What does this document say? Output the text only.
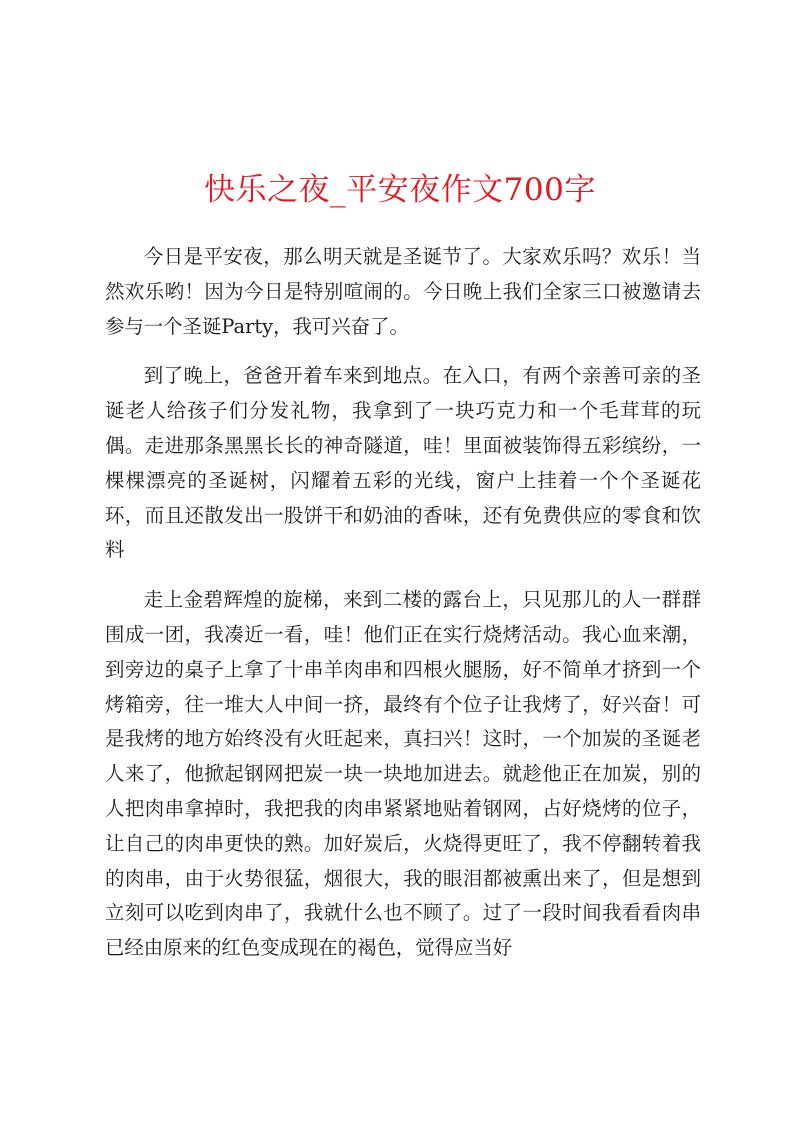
快乐之夜_平安夜作文700字

今日是平安夜，那么明天就是圣诞节了。大家欢乐吗？欢乐！当然欢乐哟！因为今日是特别喧闹的。今日晚上我们全家三口被邀请去参与一个圣诞Party，我可兴奋了。

到了晚上，爸爸开着车来到地点。在入口，有两个亲善可亲的圣诞老人给孩子们分发礼物，我拿到了一块巧克力和一个毛茸茸的玩偶。走进那条黑黑长长的神奇隧道，哇！里面被装饰得五彩缤纷，一棵棵漂亮的圣诞树，闪耀着五彩的光线，窗户上挂着一个个圣诞花环，而且还散发出一股饼干和奶油的香味，还有免费供应的零食和饮料

走上金碧辉煌的旋梯，来到二楼的露台上，只见那儿的人一群群围成一团，我凑近一看，哇！他们正在实行烧烤活动。我心血来潮，到旁边的桌子上拿了十串羊肉串和四根火腿肠，好不简单才挤到一个烤箱旁，往一堆大人中间一挤，最终有个位子让我烤了，好兴奋！可是我烤的地方始终没有火旺起来，真扫兴！这时，一个加炭的圣诞老人来了，他掀起钢网把炭一块一块地加进去。就趁他正在加炭，别的人把肉串拿掉时，我把我的肉串紧紧地贴着钢网，占好烧烤的位子，让自己的肉串更快的熟。加好炭后，火烧得更旺了，我不停翻转着我的肉串，由于火势很猛，烟很大，我的眼泪都被熏出来了，但是想到立刻可以吃到肉串了，我就什么也不顾了。过了一段时间我看看肉串已经由原来的红色变成现在的褐色，觉得应当好
